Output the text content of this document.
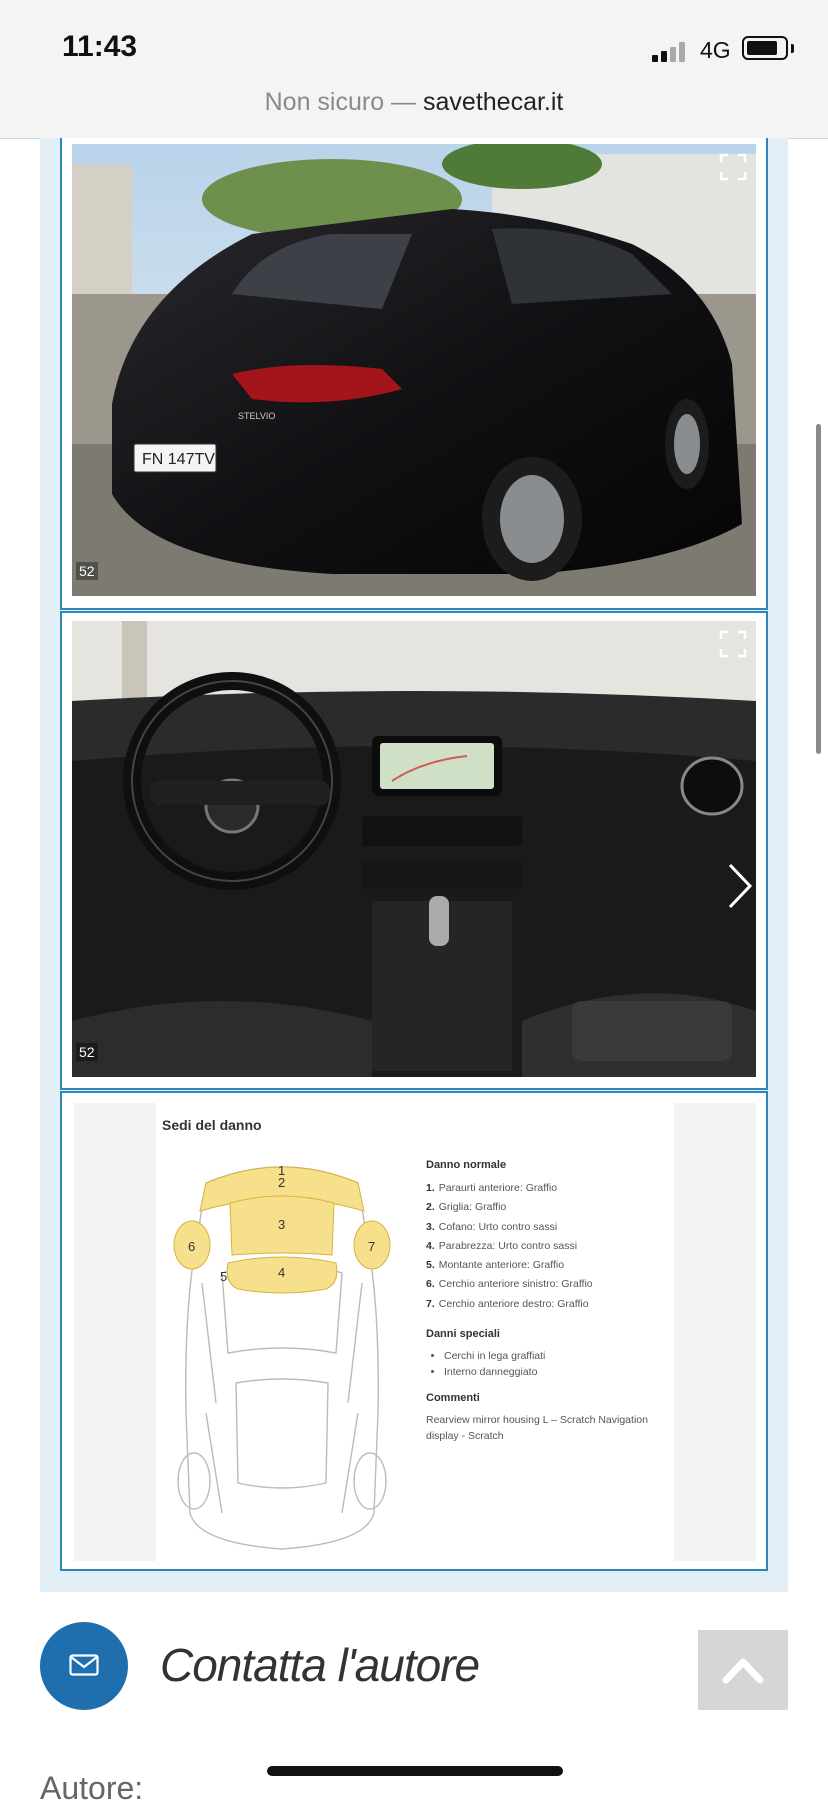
11:43	4G
Non sicuro — savethecar.it
FN 147TV
STELVIO
52
52
Sedi del danno
1
2
3
4
5
6	7
Danno normale
1. Paraurti anteriore: Graffio
2. Griglia: Graffio
3. Cofano: Urto contro sassi
4. Parabrezza: Urto contro sassi
5. Montante anteriore: Graffio
6. Cerchio anteriore sinistro: Graffio
7. Cerchio anteriore destro: Graffio
Danni speciali
• Cerchi in lega graffiati
• Interno danneggiato
Commenti

Rearview mirror housing L – Scratch Navigation display - Scratch

Contatta l'autore
Autore:
